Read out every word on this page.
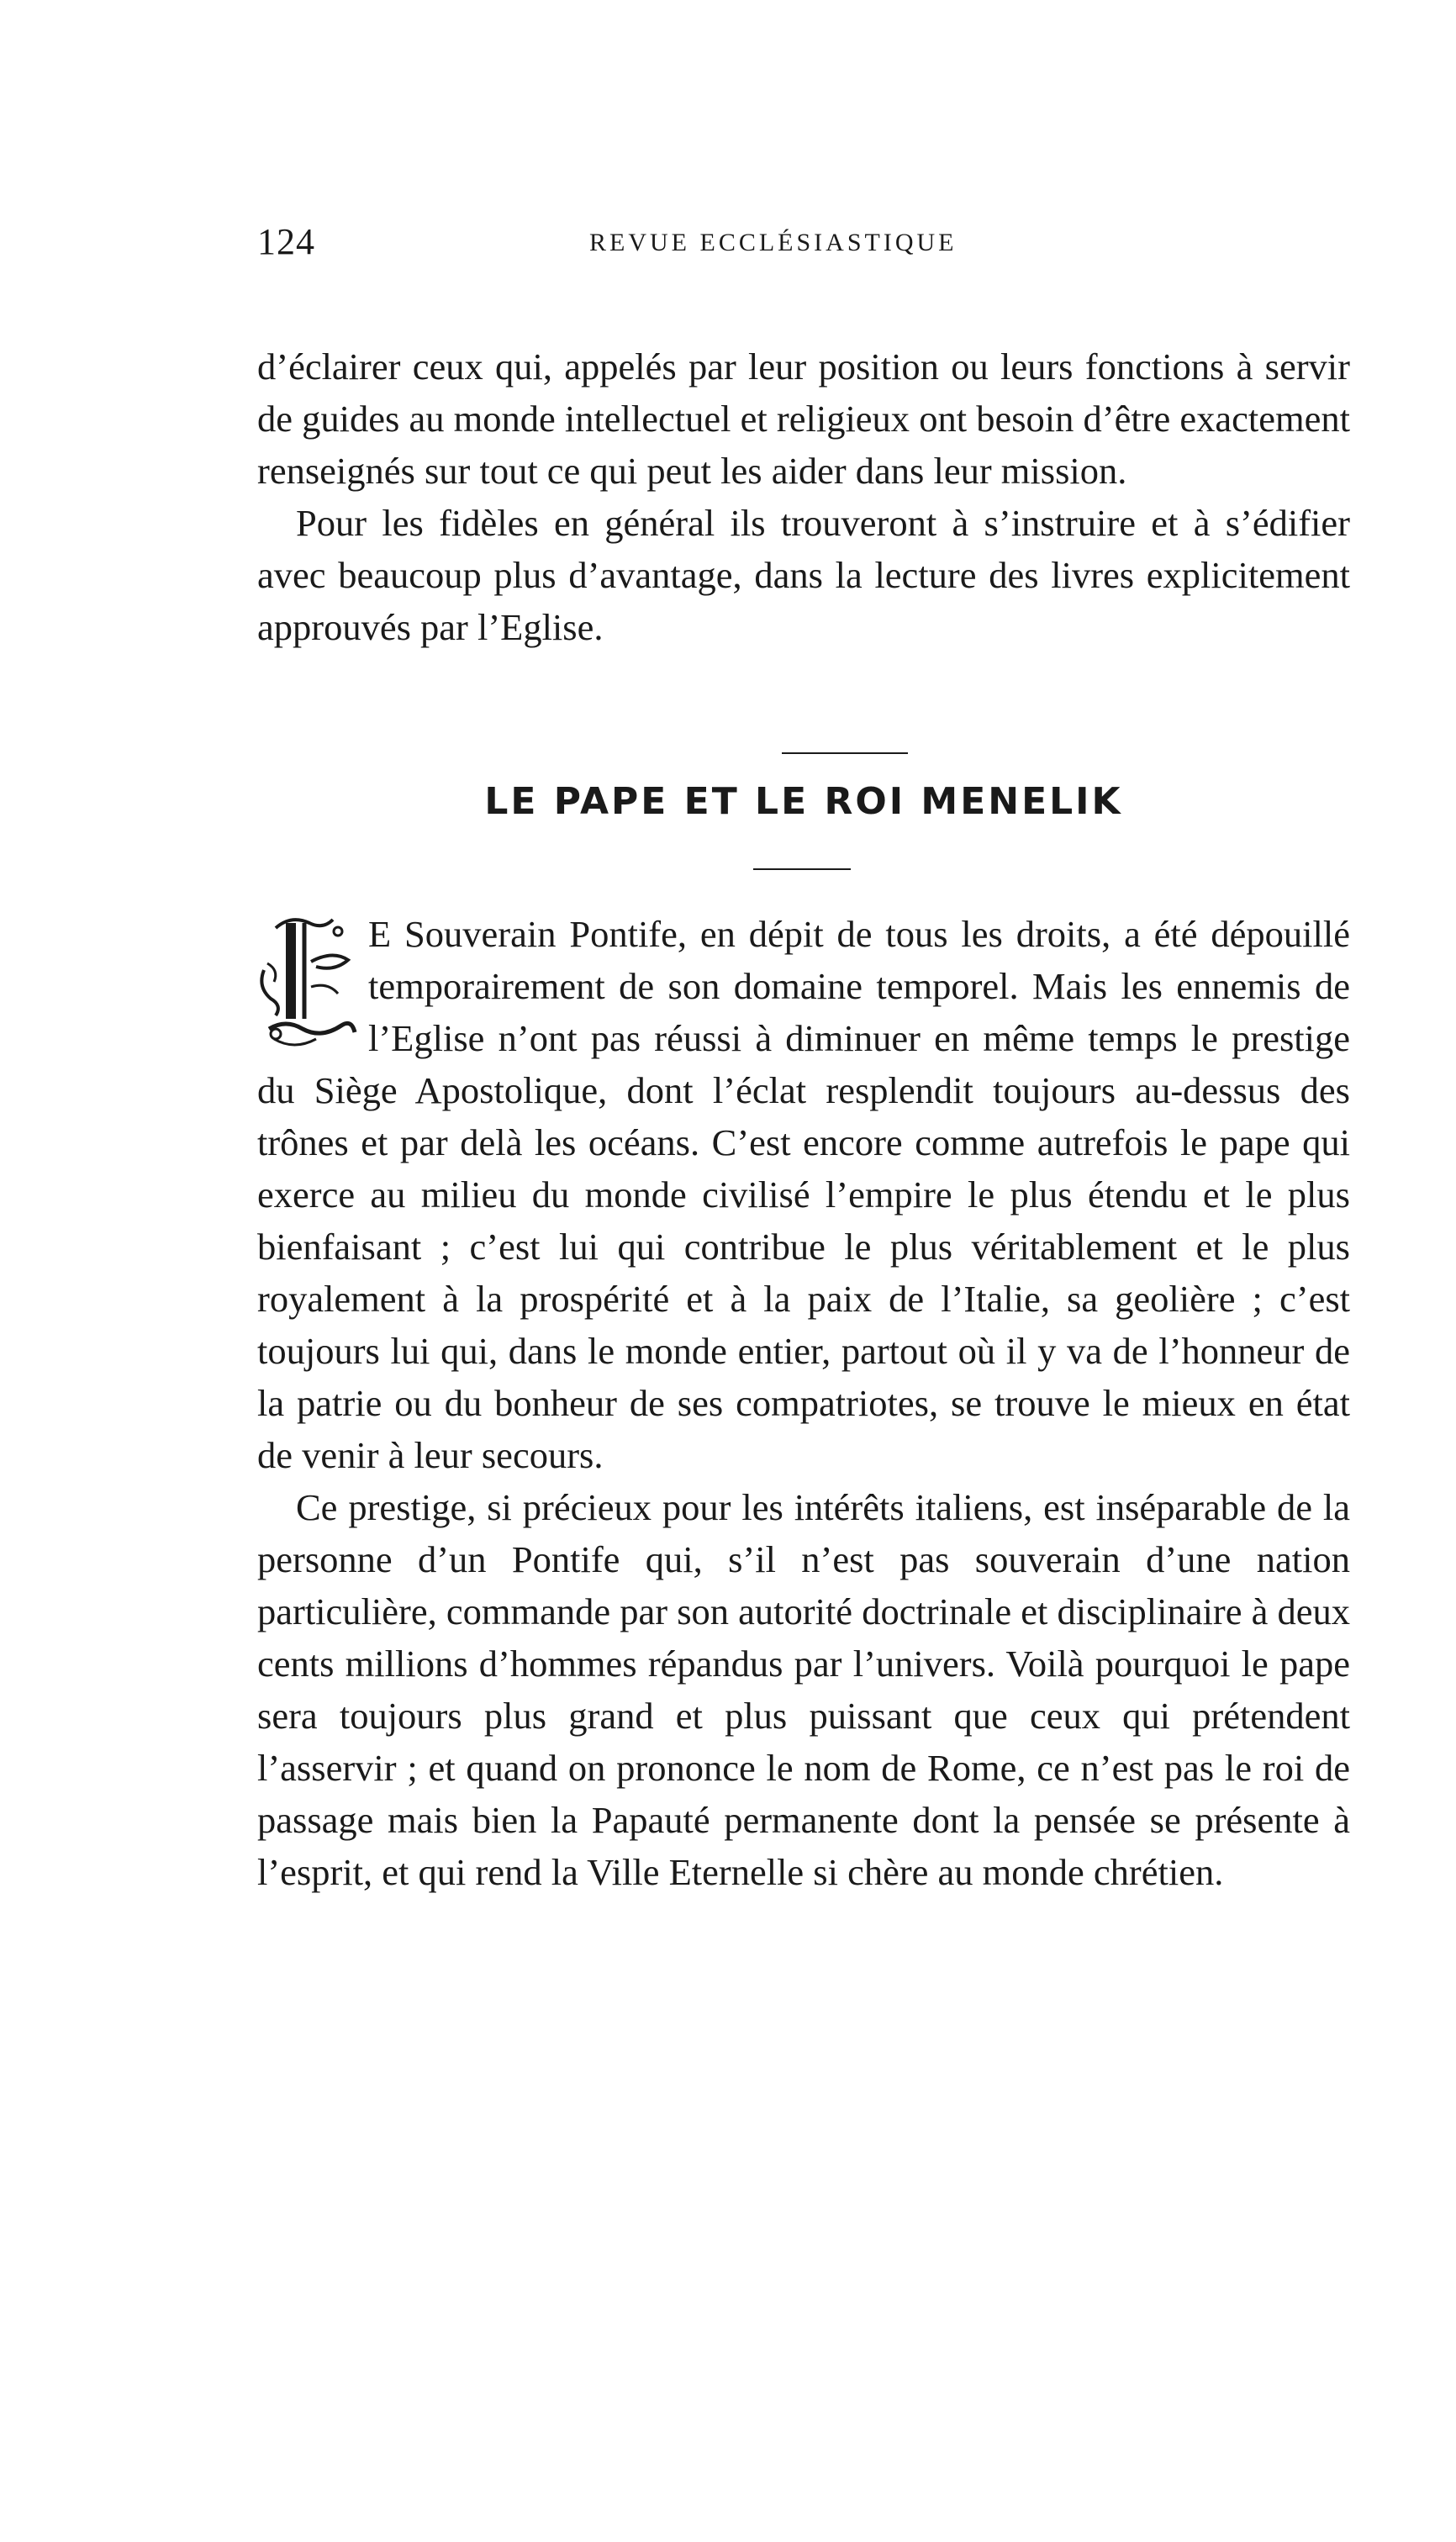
124	REVUE ECCLÉSIASTIQUE

d’éclairer ceux qui, appelés par leur position ou leurs fonctions à servir de guides au monde intellectuel et religieux ont besoin d’être exactement renseignés sur tout ce qui peut les aider dans leur mission.

Pour les fidèles en général ils trouveront à s’instruire et à s’édifier avec beaucoup plus d’avantage, dans la lecture des livres explicitement approuvés par l’Eglise.

LE PAPE ET LE ROI MENELIK

E Souverain Pontife, en dépit de tous les droits, a été dépouillé temporairement de son domaine temporel. Mais les ennemis de l’Eglise n’ont pas réussi à diminuer en même temps le prestige du Siège Apostolique, dont l’éclat resplendit toujours au-dessus des trônes et par delà les océans. C’est encore comme autrefois le pape qui exerce au milieu du monde civilisé l’empire le plus étendu et le plus bienfaisant ; c’est lui qui contribue le plus véritablement et le plus royalement à la prospérité et à la paix de l’Italie, sa geolière ; c’est toujours lui qui, dans le monde entier, partout où il y va de l’honneur de la patrie ou du bonheur de ses compatriotes, se trouve le mieux en état de venir à leur secours.

Ce prestige, si précieux pour les intérêts italiens, est inséparable de la personne d’un Pontife qui, s’il n’est pas souverain d’une nation particulière, commande par son autorité doctrinale et disciplinaire à deux cents millions d’hommes répandus par l’univers. Voilà pourquoi le pape sera toujours plus grand et plus puissant que ceux qui prétendent l’asservir ; et quand on prononce le nom de Rome, ce n’est pas le roi de passage mais bien la Papauté permanente dont la pensée se présente à l’esprit, et qui rend la Ville Eternelle si chère au monde chrétien.
